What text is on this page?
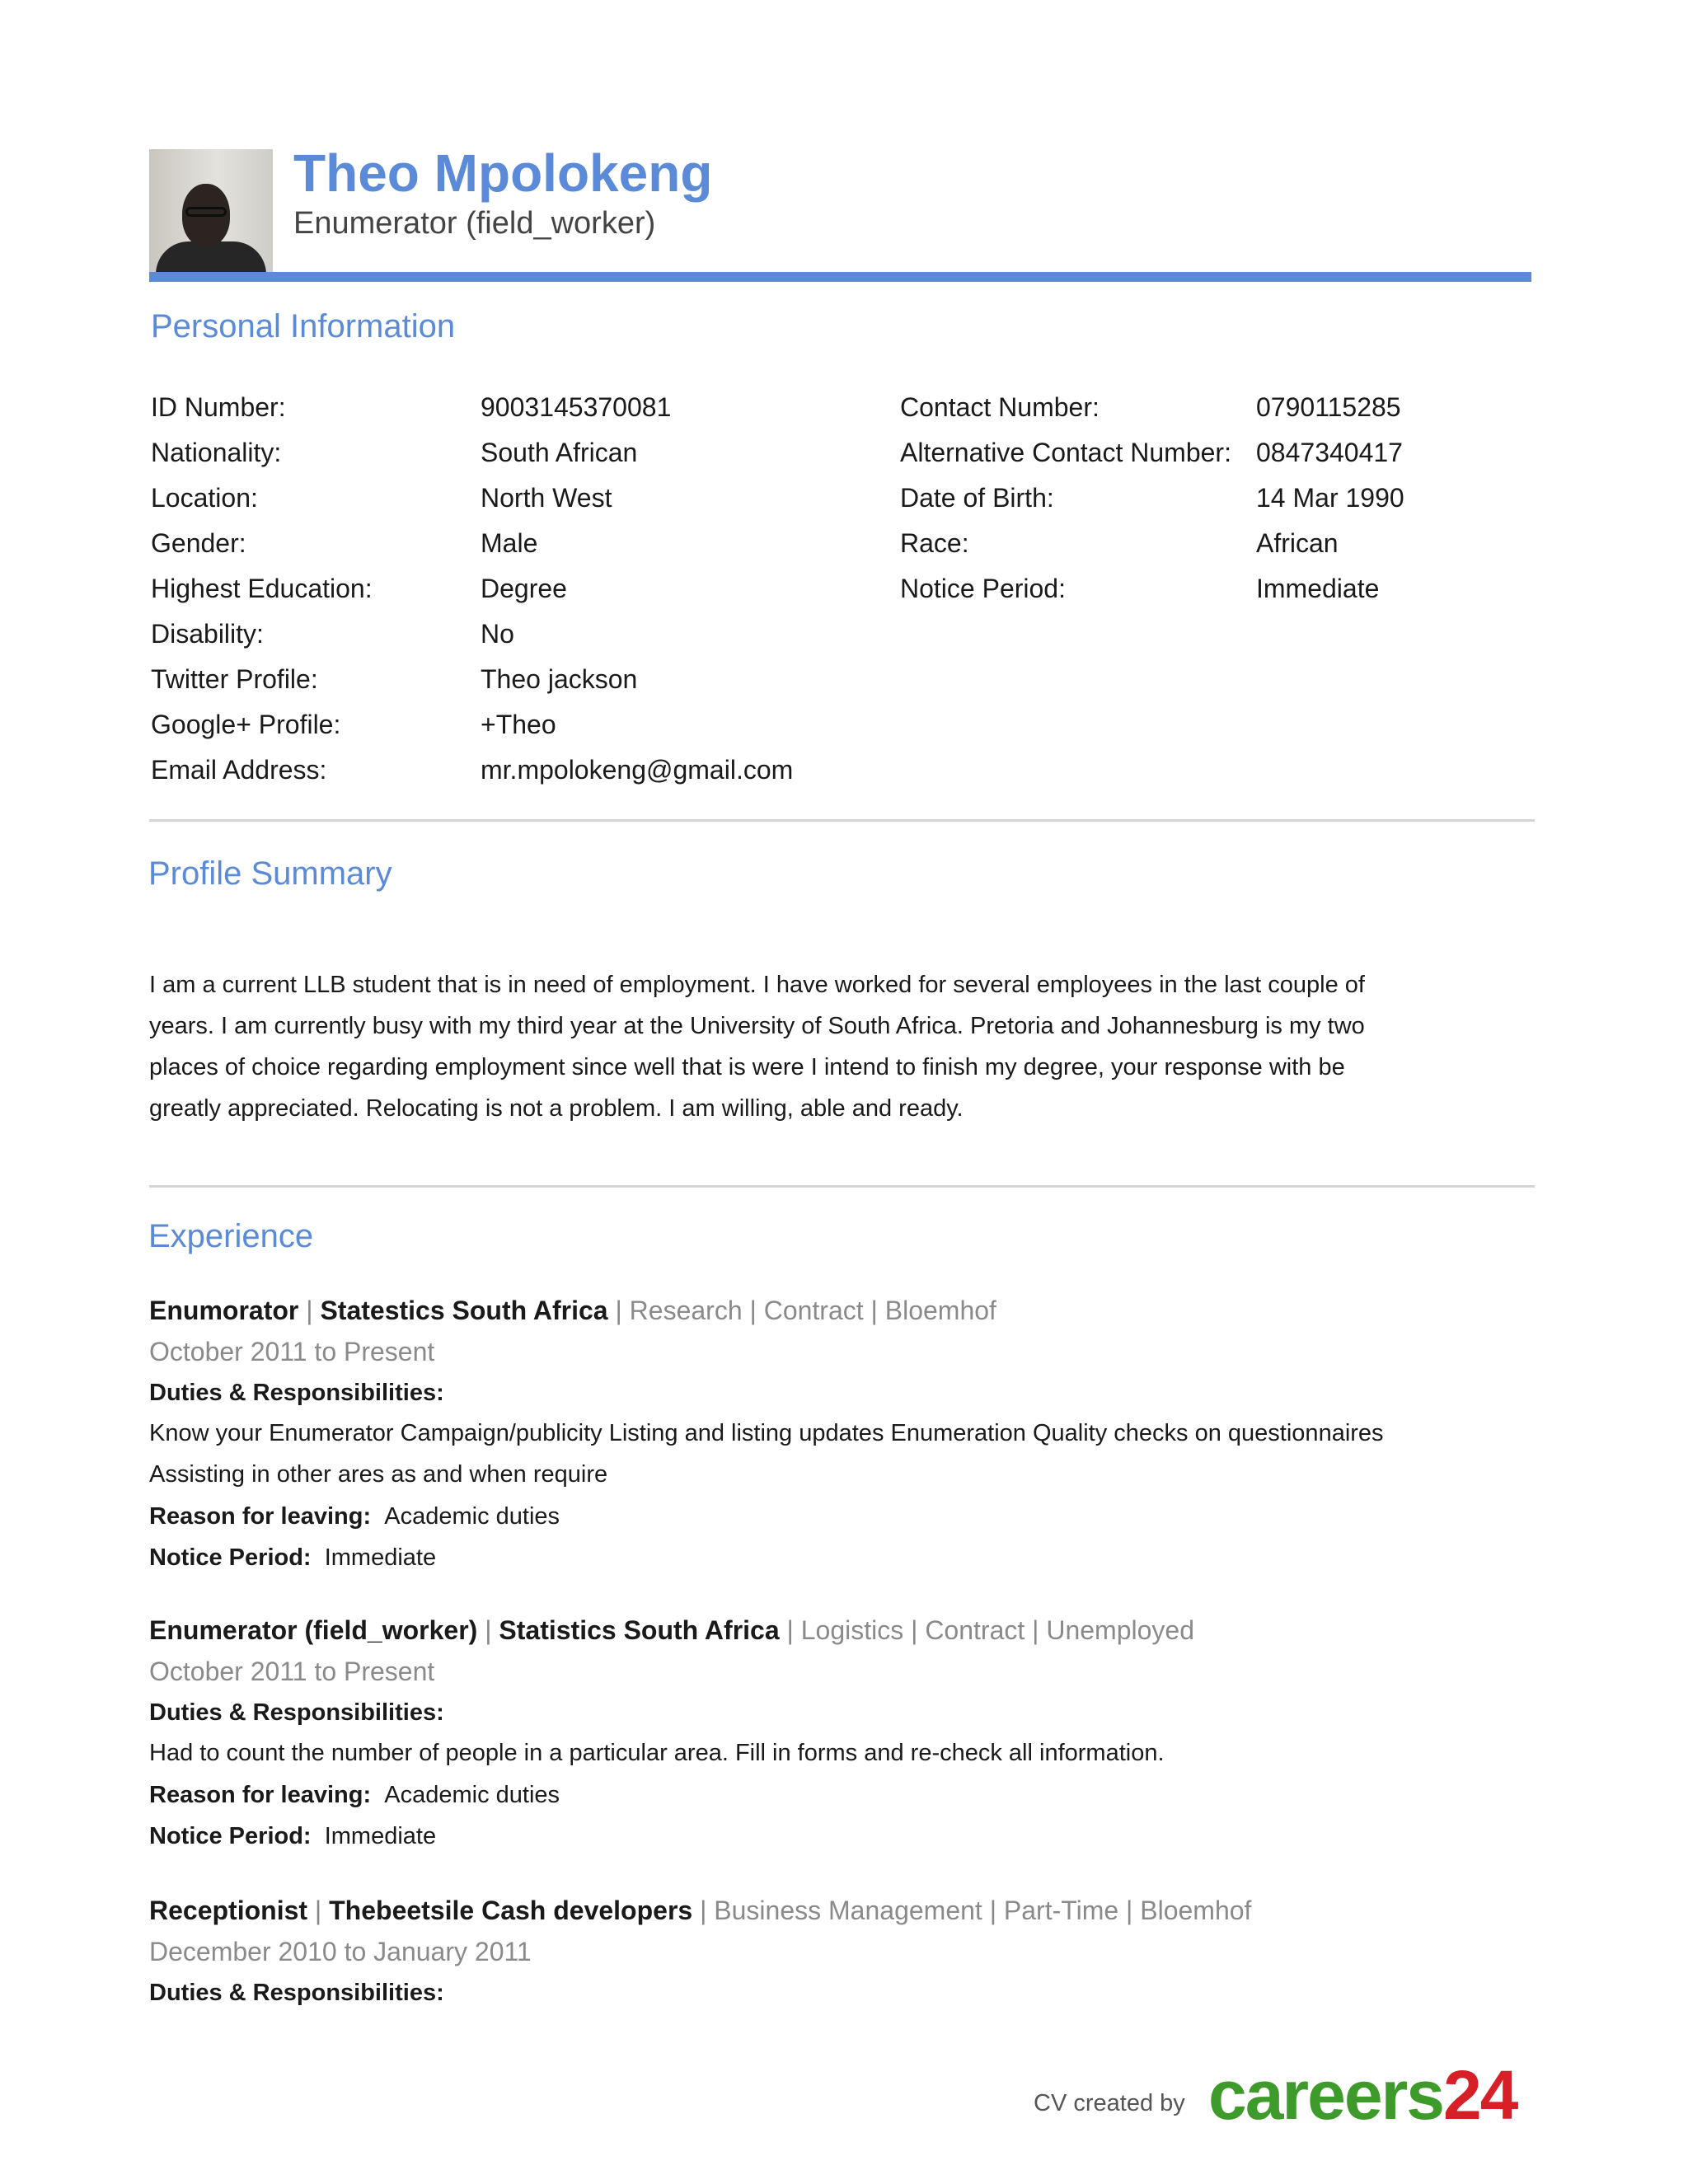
Theo Mpolokeng
Enumerator (field_worker)
Personal Information
ID Number:	9003145370081
Nationality:	South African
Location:	North West
Gender:	Male
Highest Education:	Degree
Disability:	No
Twitter Profile:	Theo jackson
Google+ Profile:	+Theo
Email Address:	mr.mpolokeng@gmail.com
Contact Number:	0790115285
Alternative Contact Number: 0847340417
Date of Birth:	14 Mar 1990
Race:	African
Notice Period:	Immediate
Profile Summary
I am a current LLB student that is in need of employment. I have worked for several employees in the last couple of years. I am currently busy with my third year at the University of South Africa. Pretoria and Johannesburg is my two places of choice regarding employment since well that is were I intend to finish my degree, your response with be greatly appreciated. Relocating is not a problem. I am willing, able and ready.
Experience
Enumorator | Statestics South Africa | Research | Contract | Bloemhof
October 2011 to Present
Duties & Responsibilities:
Know your Enumerator Campaign/publicity Listing and listing updates Enumeration Quality checks on questionnaires Assisting in other ares as and when require
Reason for leaving: Academic duties
Notice Period: Immediate
Enumerator (field_worker) | Statistics South Africa | Logistics | Contract | Unemployed
October 2011 to Present
Duties & Responsibilities:
Had to count the number of people in a particular area. Fill in forms and re-check all information.
Reason for leaving: Academic duties
Notice Period: Immediate
Receptionist | Thebeetsile Cash developers | Business Management | Part-Time | Bloemhof
December 2010 to January 2011
Duties & Responsibilities:
CV created by careers24
